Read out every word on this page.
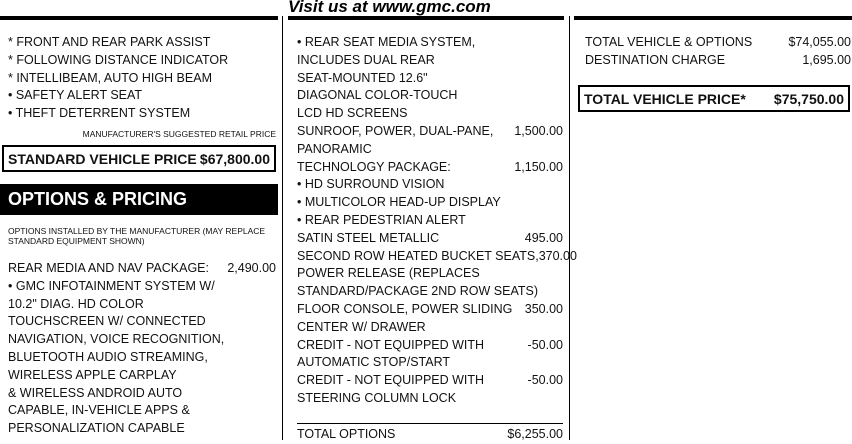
Visit us at www.gmc.com
* FRONT AND REAR PARK ASSIST
* FOLLOWING DISTANCE INDICATOR
* INTELLIBEAM, AUTO HIGH BEAM
• SAFETY ALERT SEAT
• THEFT DETERRENT SYSTEM
MANUFACTURER'S SUGGESTED RETAIL PRICE
STANDARD VEHICLE PRICE $67,800.00
OPTIONS & PRICING
OPTIONS INSTALLED BY THE MANUFACTURER (MAY REPLACE
STANDARD EQUIPMENT SHOWN)
REAR MEDIA AND NAV PACKAGE: 2,490.00
• GMC INFOTAINMENT SYSTEM W/
10.2" DIAG. HD COLOR
TOUCHSCREEN W/ CONNECTED
NAVIGATION, VOICE RECOGNITION,
BLUETOOTH AUDIO STREAMING,
WIRELESS APPLE CARPLAY
& WIRELESS ANDROID AUTO
CAPABLE, IN-VEHICLE APPS &
PERSONALIZATION CAPABLE
• REAR SEAT MEDIA SYSTEM,
INCLUDES DUAL REAR
SEAT-MOUNTED 12.6"
DIAGONAL COLOR-TOUCH
LCD HD SCREENS
SUNROOF, POWER, DUAL-PANE, 1,500.00
PANORAMIC
TECHNOLOGY PACKAGE:	1,150.00
• HD SURROUND VISION
• MULTICOLOR HEAD-UP DISPLAY
• REAR PEDESTRIAN ALERT
SATIN STEEL METALLIC	495.00
SECOND ROW HEATED BUCKET SEATS, 370.00
POWER RELEASE (REPLACES
STANDARD/PACKAGE 2ND ROW SEATS)
FLOOR CONSOLE, POWER SLIDING 350.00
CENTER W/ DRAWER
CREDIT - NOT EQUIPPED WITH	-50.00
AUTOMATIC STOP/START
CREDIT - NOT EQUIPPED WITH	-50.00
STEERING COLUMN LOCK
TOTAL OPTIONS	$6,255.00
TOTAL VEHICLE & OPTIONS	$74,055.00
DESTINATION CHARGE	1,695.00
TOTAL VEHICLE PRICE* $75,750.00
